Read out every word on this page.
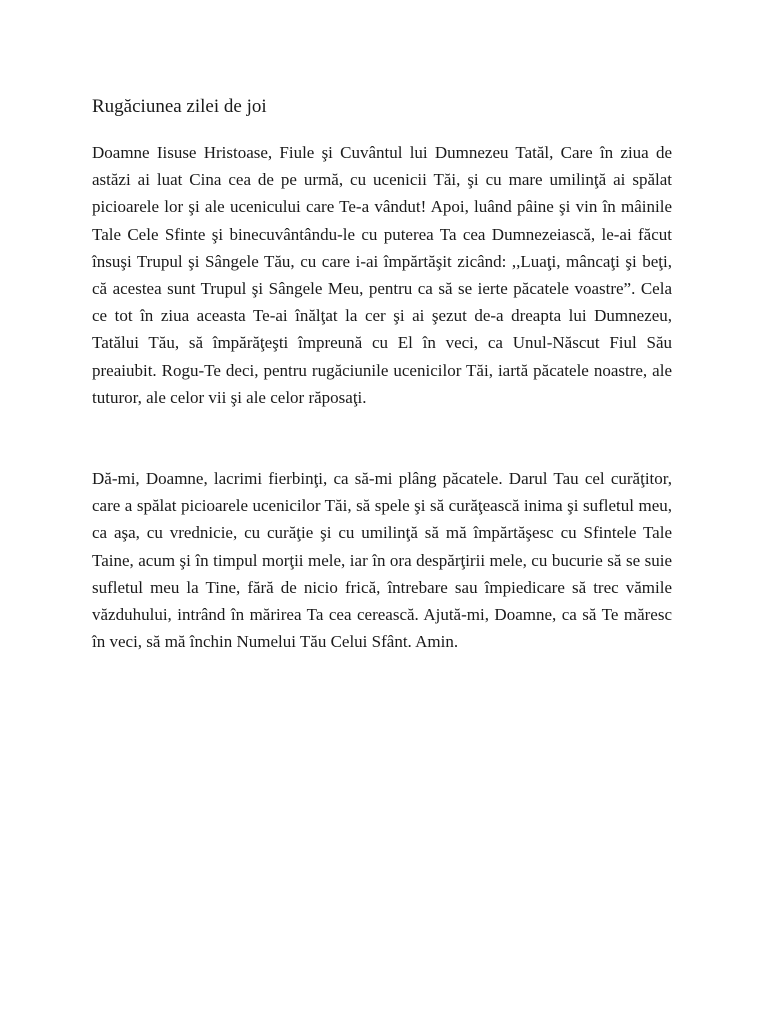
Rugăciunea zilei de joi

Doamne Iisuse Hristoase, Fiule şi Cuvântul lui Dumnezeu Tatăl, Care în ziua de astăzi ai luat Cina cea de pe urmă, cu ucenicii Tăi, şi cu mare umilinţă ai spălat picioarele lor şi ale ucenicului care Te-a vândut! Apoi, luând pâine şi vin în mâinile Tale Cele Sfinte şi binecuvântându-le cu puterea Ta cea Dumnezeiască, le-ai făcut însuşi Trupul şi Sângele Tău, cu care i-ai împărtăşit zicând: ,,Luaţi, mâncaţi şi beţi, că acestea sunt Trupul şi Sângele Meu, pentru ca să se ierte păcatele voastre”. Cela ce tot în ziua aceasta Te-ai înălţat la cer şi ai şezut de-a dreapta lui Dumnezeu, Tatălui Tău, să împărăţeşti împreună cu El în veci, ca Unul-Născut Fiul Său preaiubit. Rogu-Te deci, pentru rugăciunile ucenicilor Tăi, iartă păcatele noastre, ale tuturor, ale celor vii şi ale celor răposaţi.

Dă-mi, Doamne, lacrimi fierbinţi, ca să-mi plâng păcatele. Darul Tau cel curăţitor, care a spălat picioarele ucenicilor Tăi, să spele şi să curăţească inima şi sufletul meu, ca aşa, cu vrednicie, cu curăţie şi cu umilinţă să mă împărtăşesc cu Sfintele Tale Taine, acum şi în timpul morţii mele, iar în ora despărţirii mele, cu bucurie să se suie sufletul meu la Tine, fără de nicio frică, întrebare sau împiedicare să trec vămile văzduhului, intrând în mărirea Ta cea cerească. Ajută-mi, Doamne, ca să Te măresc în veci, să mă închin Numelui Tău Celui Sfânt. Amin.
